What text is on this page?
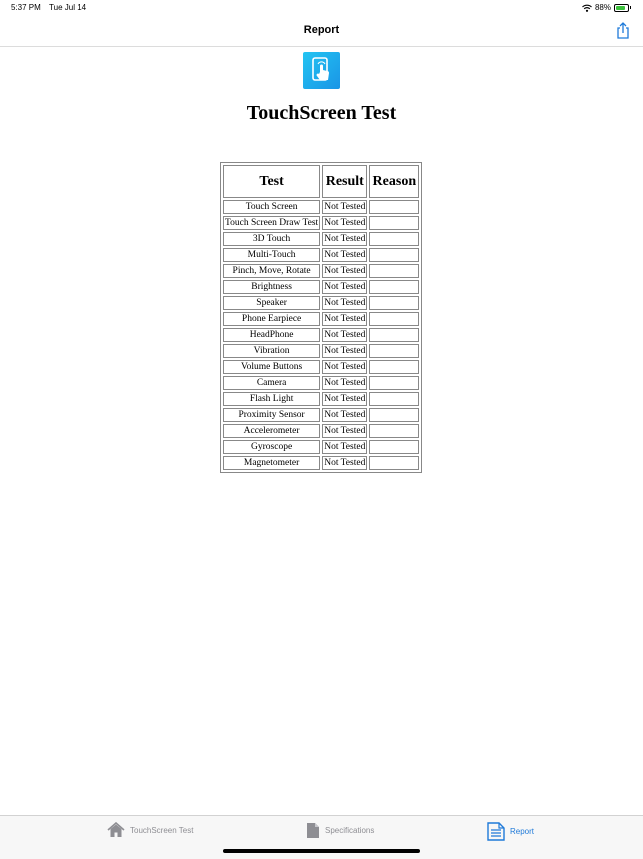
5:37 PM Tue Jul 14	88%
Report
TouchScreen Test
Test	Result	Reason
Touch Screen	Not Tested	
Touch Screen Draw Test	Not Tested	
3D Touch	Not Tested	
Multi-Touch	Not Tested	
Pinch, Move, Rotate	Not Tested	
Brightness	Not Tested	
Speaker	Not Tested	
Phone Earpiece	Not Tested	
HeadPhone	Not Tested	
Vibration	Not Tested	
Volume Buttons	Not Tested	
Camera	Not Tested	
Flash Light	Not Tested	
Proximity Sensor	Not Tested	
Accelerometer	Not Tested	
Gyroscope	Not Tested	
Magnetometer	Not Tested	
TouchScreen Test	Specifications	Report
